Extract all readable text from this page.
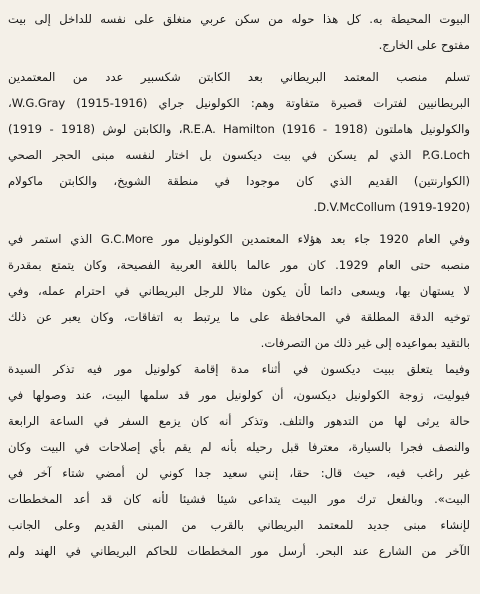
البيوت المحيطة به. كل هذا حوله من سكن عربي منغلق على نفسه للداخل إلى بيت
مفتوح على الخارج.
تسلم منصب المعتمد البريطاني بعد الكابتن شكسبير عدد من المعتمدين
البريطانيين لفترات قصيرة متفاوتة وهم: الكولونيل جراي W.G.Gray (1915-1916)،
والكولونيل هاملتون R.E.A. Hamilton (1916 - 1918)، والكابتن لوش (1918 - 1919)
P.G.Loch الذي لم يسكن في بيت ديكسون بل اختار لنفسه مبنى الحجر الصحي
(الكوارنتين) القديم الذي كان موجودا في منطقة الشويخ، والكابتن ماكولام
D.V.McCollum (1919-1920).
وفي العام 1920 جاء بعد هؤلاء المعتمدين الكولونيل مور G.C.More الذي استمر في
منصبه حتى العام 1929. كان مور عالما باللغة العربية الفصيحة، وكان يتمتع بمقدرة
لا يستهان بها، ويسعى دائما لأن يكون مثالا للرجل البريطاني في احترام عمله، وفي
توخيه الدقة المطلقة في المحافظة على ما يرتبط به اتفاقات، وكان يعبر عن ذلك
بالتقيد بمواعيده إلى غير ذلك من التصرفات.
وفيما يتعلق ببيت ديكسون في أثناء مدة إقامة كولونيل مور فيه تذكر السيدة
فيوليت، زوجة الكولونيل ديكسون، أن كولونيل مور قد سلمها البيت، عند وصولها في
حالة يرثى لها من التدهور والتلف. وتذكر أنه كان يزمع السفر في الساعة الرابعة
والنصف فجرا بالسيارة، معترفا قبل رحيله بأنه لم يقم بأي إصلاحات في البيت وكان
غير راغب فيه، حيث قال: حقا، إنني سعيد جدا كوني لن أمضي شتاء آخر في
البيت». وبالفعل ترك مور البيت يتداعى شيئا فشيئا لأنه كان قد أعد المخططات
لإنشاء مبنى جديد للمعتمد البريطاني بالقرب من المبنى القديم وعلى الجانب
الآخر من الشارع عند البحر. أرسل مور المخططات للحاكم البريطاني في الهند ولم
